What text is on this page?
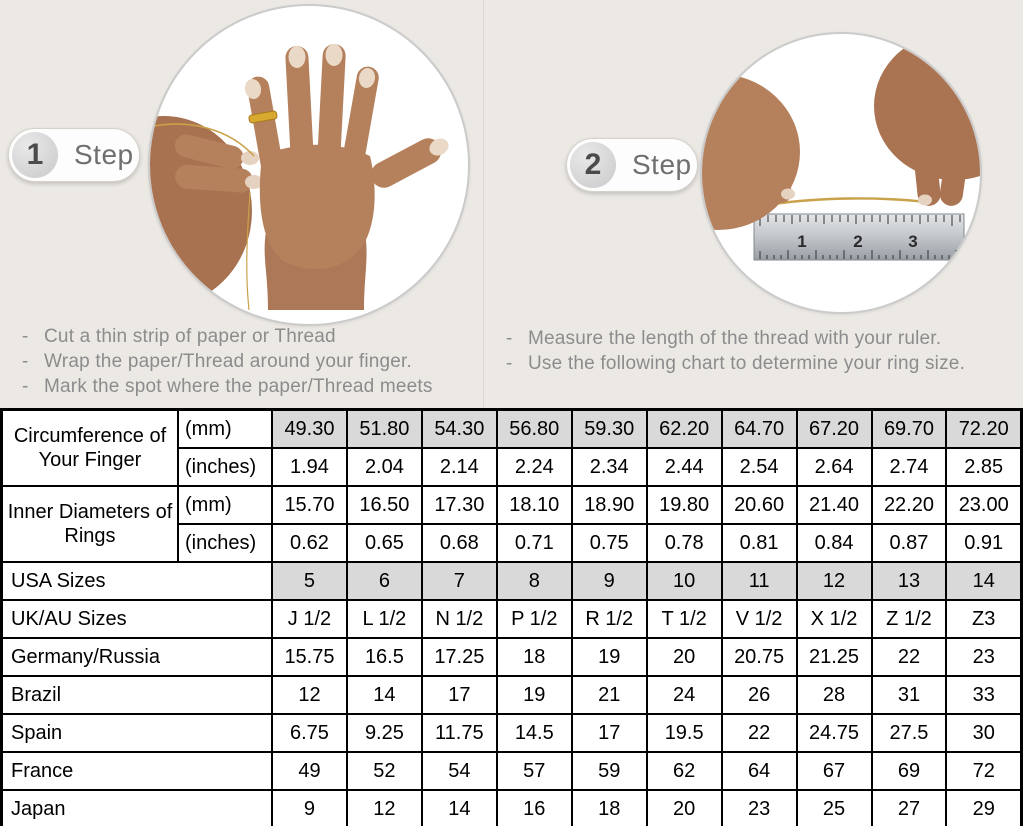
1	Step
- Cut a thin strip of paper or Thread
- Wrap the paper/Thread around your finger.
- Mark the spot where the paper/Thread meets
2	Step
1	2	3
- Measure the length of the thread with your ruler.
- Use the following chart to determine your ring size.
Circumference of Your Finger	(mm)	49.30	51.80	54.30	56.80	59.30	62.20	64.70	67.20	69.70	72.20
	(inches)	1.94	2.04	2.14	2.24	2.34	2.44	2.54	2.64	2.74	2.85
Inner Diameters of Rings	(mm)	15.70	16.50	17.30	18.10	18.90	19.80	20.60	21.40	22.20	23.00
	(inches)	0.62	0.65	0.68	0.71	0.75	0.78	0.81	0.84	0.87	0.91
USA Sizes		5	6	7	8	9	10	11	12	13	14
UK/AU Sizes		J 1/2	L 1/2	N 1/2	P 1/2	R 1/2	T 1/2	V 1/2	X 1/2	Z 1/2	Z3
Germany/Russia		15.75	16.5	17.25	18	19	20	20.75	21.25	22	23
Brazil		12	14	17	19	21	24	26	28	31	33
Spain		6.75	9.25	11.75	14.5	17	19.5	22	24.75	27.5	30
France		49	52	54	57	59	62	64	67	69	72
Japan		9	12	14	16	18	20	23	25	27	29
